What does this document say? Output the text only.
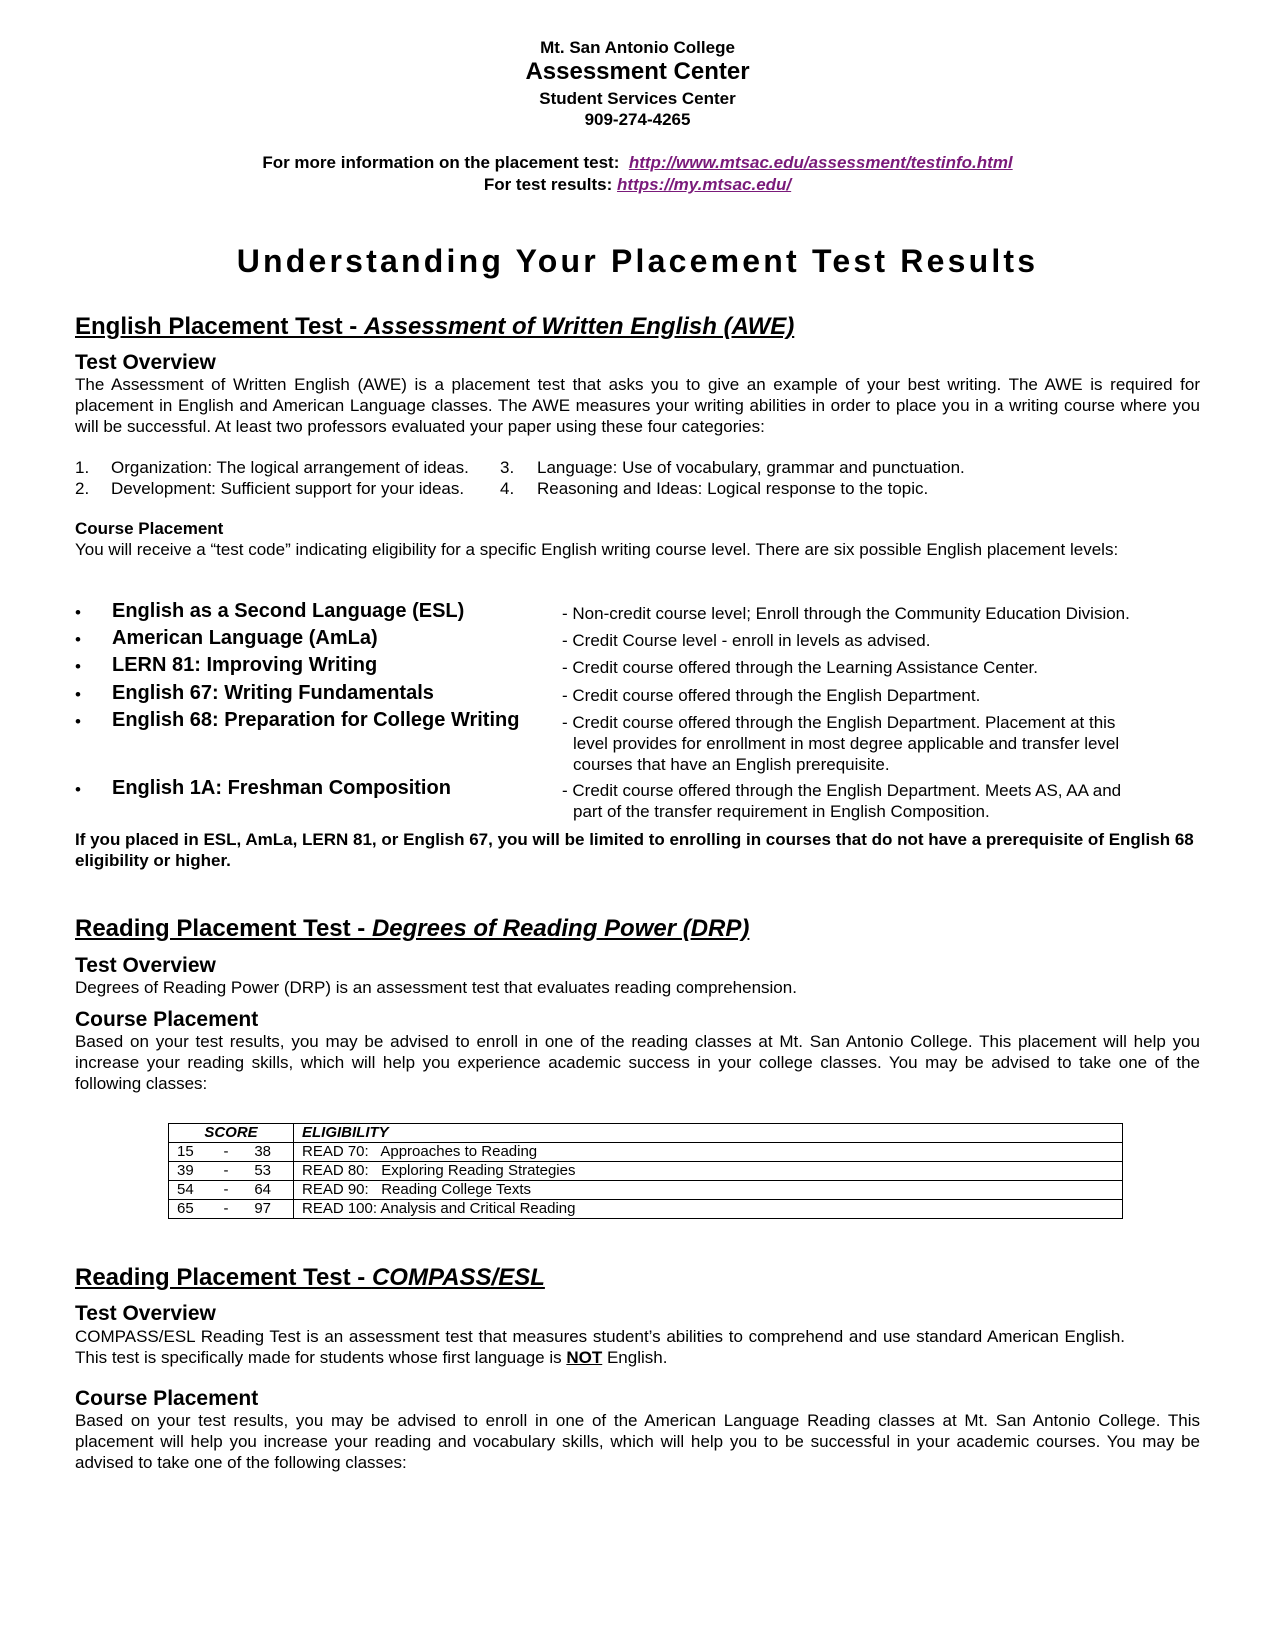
Mt. San Antonio College
Assessment Center
Student Services Center
909-274-4265
For more information on the placement test: http://www.mtsac.edu/assessment/testinfo.html
For test results: https://my.mtsac.edu/
Understanding Your Placement Test Results
English Placement Test - Assessment of Written English (AWE)
Test Overview
The Assessment of Written English (AWE) is a placement test that asks you to give an example of your best writing. The AWE is required for placement in English and American Language classes. The AWE measures your writing abilities in order to place you in a writing course where you will be successful. At least two professors evaluated your paper using these four categories:
1. Organization: The logical arrangement of ideas. 3. Language: Use of vocabulary, grammar and punctuation.
2. Development: Sufficient support for your ideas. 4. Reasoning and Ideas: Logical response to the topic.
Course Placement
You will receive a “test code” indicating eligibility for a specific English writing course level. There are six possible English placement levels:
• English as a Second Language (ESL)	- Non-credit course level; Enroll through the Community Education Division.
• American Language (AmLa)	- Credit Course level - enroll in levels as advised.
• LERN 81: Improving Writing	- Credit course offered through the Learning Assistance Center.
• English 67: Writing Fundamentals	- Credit course offered through the English Department.
• English 68: Preparation for College Writing	- Credit course offered through the English Department. Placement at this
level provides for enrollment in most degree applicable and transfer level courses that have an English prerequisite.
• English 1A: Freshman Composition	- Credit course offered through the English Department. Meets AS, AA and
part of the transfer requirement in English Composition.
If you placed in ESL, AmLa, LERN 81, or English 67, you will be limited to enrolling in courses that do not have a prerequisite of English 68 eligibility or higher.
Reading Placement Test - Degrees of Reading Power (DRP)
Test Overview
Degrees of Reading Power (DRP) is an assessment test that evaluates reading comprehension.
Course Placement
Based on your test results, you may be advised to enroll in one of the reading classes at Mt. San Antonio College. This placement will help you increase your reading skills, which will help you experience academic success in your college classes. You may be advised to take one of the following classes:
SCORE	ELIGIBILITY
15 - 38	READ 70:   Approaches to Reading
39 - 53	READ 80:   Exploring Reading Strategies
54 - 64	READ 90:   Reading College Texts
65 - 97	READ 100: Analysis and Critical Reading
Reading Placement Test - COMPASS/ESL
Test Overview
COMPASS/ESL Reading Test is an assessment test that measures student’s abilities to comprehend and use standard American English. This test is specifically made for students whose first language is NOT English.
Course Placement
Based on your test results, you may be advised to enroll in one of the American Language Reading classes at Mt. San Antonio College. This placement will help you increase your reading and vocabulary skills, which will help you to be successful in your academic courses. You may be advised to take one of the following classes:
